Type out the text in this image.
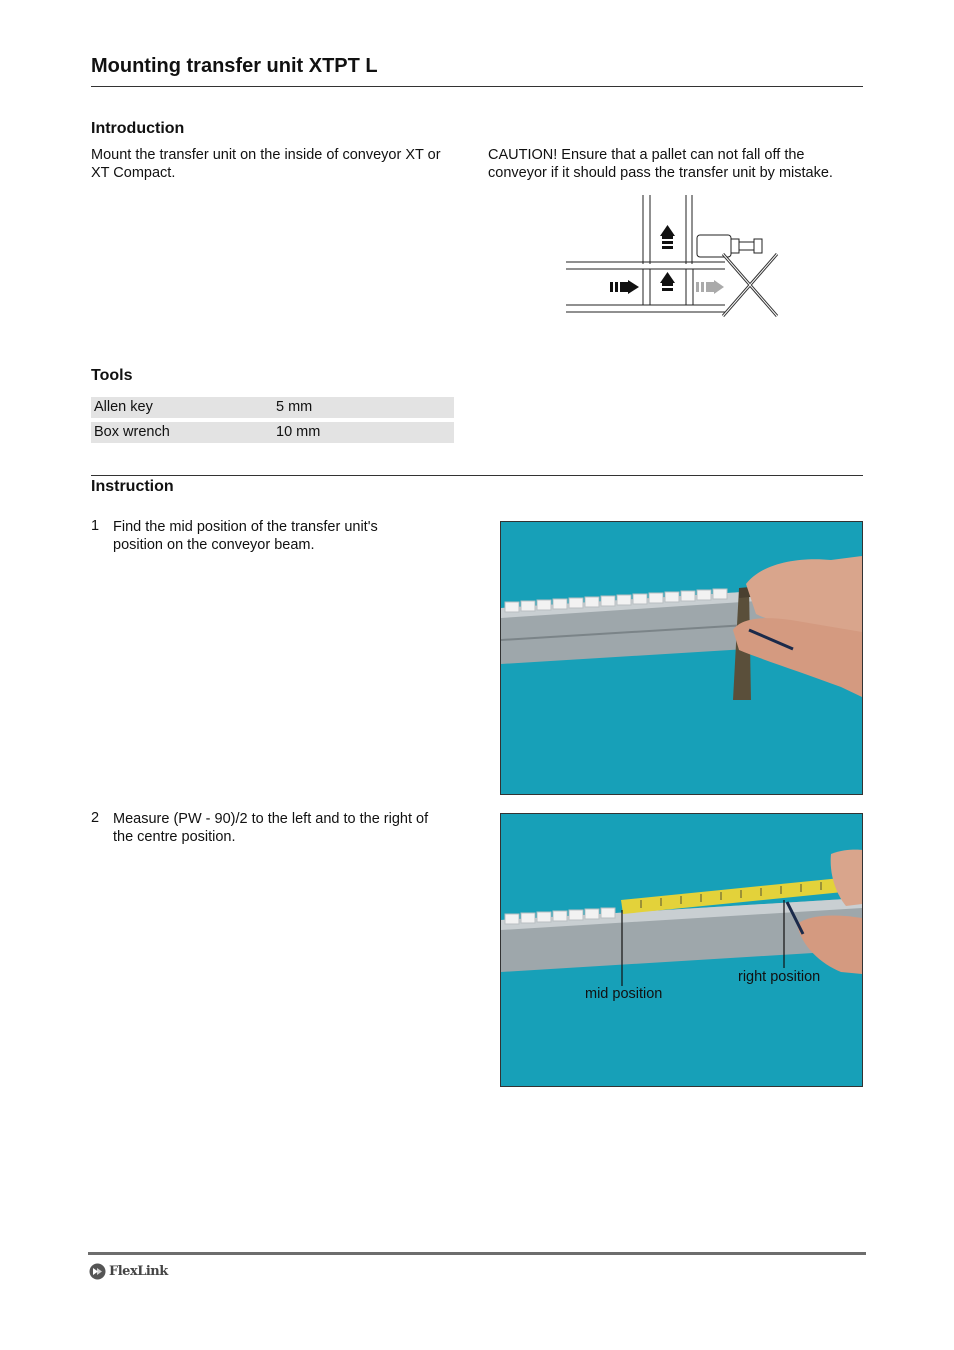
Mounting transfer unit XTPT L
Introduction
Mount the transfer unit on the inside of conveyor XT or
XT Compact.
CAUTION! Ensure that a pallet can not fall off the
conveyor if it should pass the transfer unit by mistake.
Tools
Allen key	5 mm
Box wrench	10 mm
Instruction
1 Find the mid position of the transfer unit's
position on the conveyor beam.
2 Measure (PW - 90)/2 to the left and to the right of
the centre position.
mid position
right position
FlexLink
